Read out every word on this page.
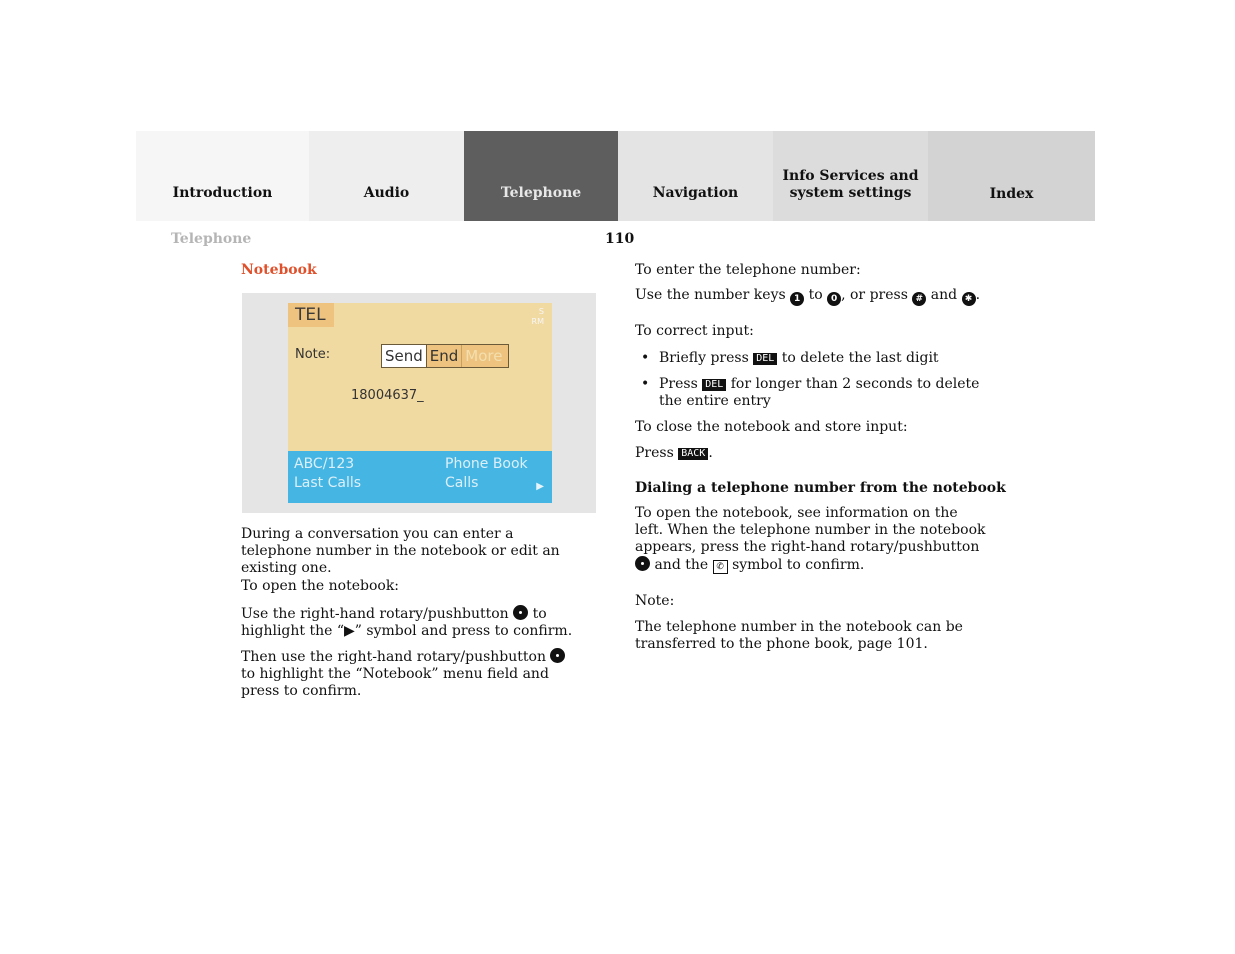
Introduction	Audio	Telephone	Navigation
Info Services and
system settings	Index
Telephone	110
Notebook
TEL	S
RM
Note:	Send End More
18004637_
ABC/123
Last Calls
Phone Book
Calls	▶

During a conversation you can enter a telephone number in the notebook or edit an existing one.

To open the notebook:

Use the right-hand rotary/pushbutton to highlight the “▶” symbol and press to confirm.

Then use the right-hand rotary/pushbutton  to highlight the “Notebook” menu field and press to confirm.

To enter the telephone number:

Use the number keys 1 to 0 , or press # and ✱ .

To correct input:

• Briefly press DEL to delete the last digit

• Press DEL for longer than 2 seconds to delete the entire entry

To close the notebook and store input:

Press BACK .

Dialing a telephone number from the notebook

To open the notebook, see information on the left. When the telephone number in the notebook appears, press the right-hand rotary/pushbutton  and the ✆ symbol to confirm.

Note:

The telephone number in the notebook can be transferred to the phone book, page 101.
